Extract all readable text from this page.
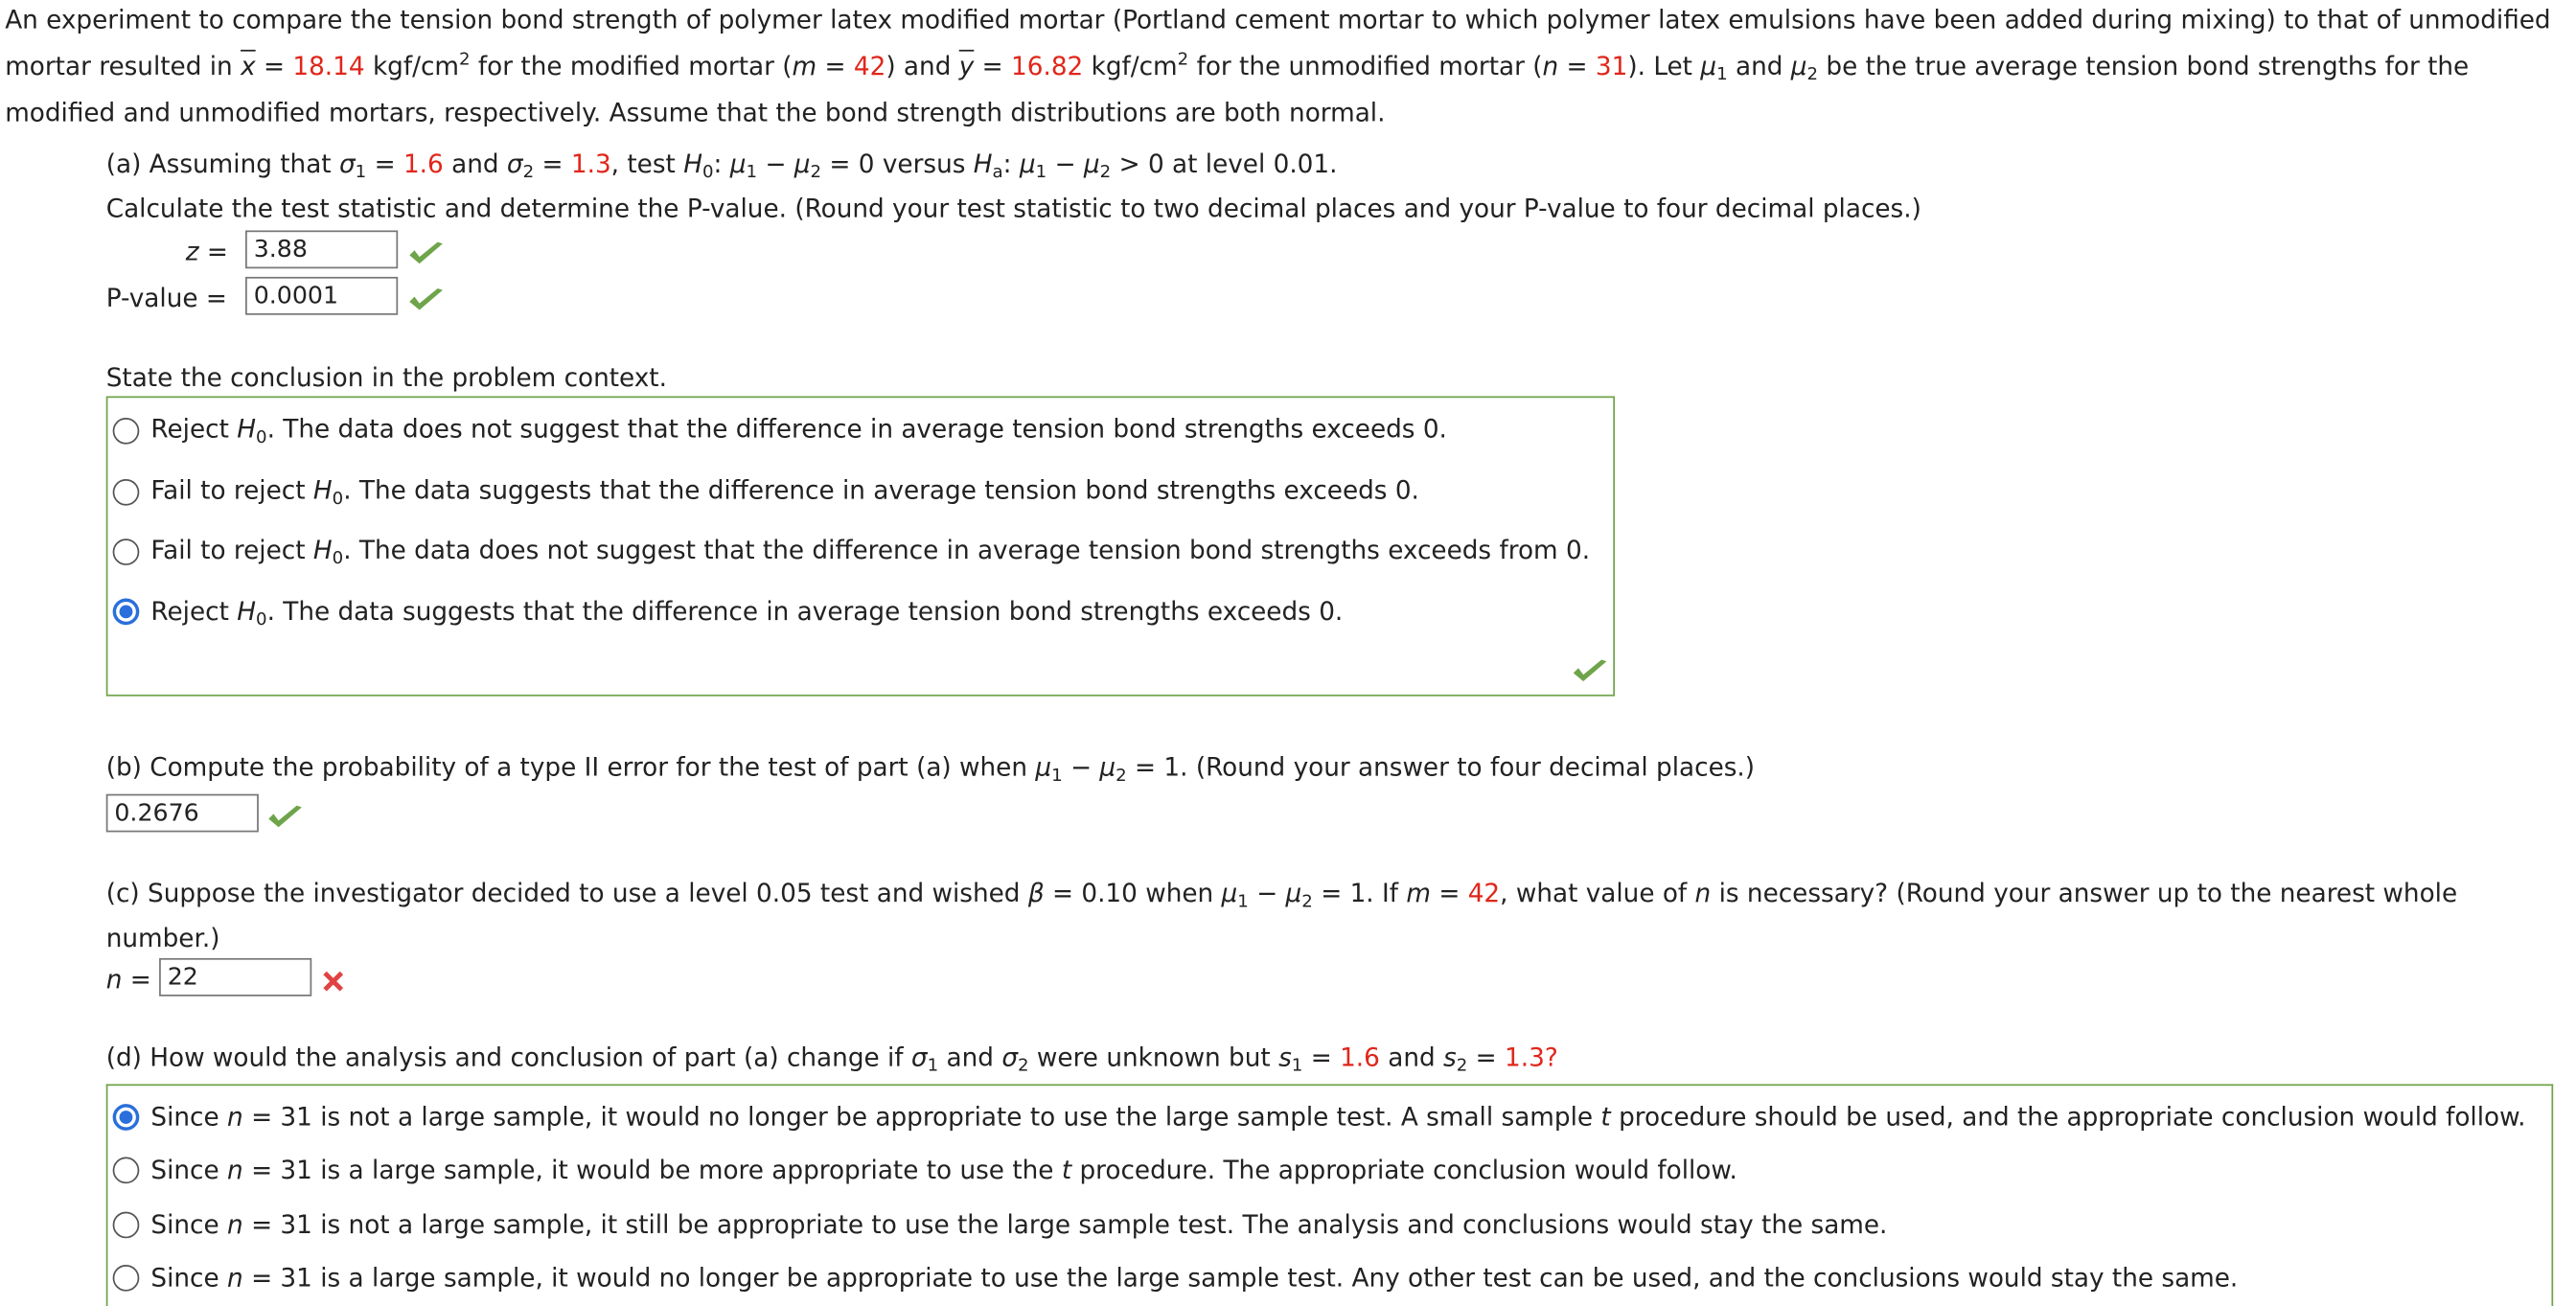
An experiment to compare the tension bond strength of polymer latex modified mortar (Portland cement mortar to which polymer latex emulsions have been added during mixing) to that of unmodified
mortar resulted in $\overline{x} = 18.14$ kgf/$cm^2$ for the modified mortar (m = 42) and $\overline{y} = 16.82$ kgf/$cm^2$ for the unmodified mortar (n = 31). Let $\mu_1$ and $\mu_2$ be the true average tension bond strengths for the
modified and unmodified mortars, respectively. Assume that the bond strength distributions are both normal.
(a) Assuming that $\sigma_1 = 1.6$ and $\sigma_2 = 1.3$, test $H_0$: $\mu_1 - \mu_2 = 0$ versus $H_a$: $\mu_1 - \mu_2 > 0$ at level 0.01.
Calculate the test statistic and determine the P-value. (Round your test statistic to two decimal places and your P-value to four decimal places.)
z =	3.88
P-value =	0.0001
State the conclusion in the problem context.
Reject $H_0$. The data does not suggest that the difference in average tension bond strengths exceeds 0.
Fail to reject $H_0$. The data suggests that the difference in average tension bond strengths exceeds 0.
Fail to reject $H_0$. The data does not suggest that the difference in average tension bond strengths exceeds from 0.
Reject $H_0$. The data suggests that the difference in average tension bond strengths exceeds 0.
(b) Compute the probability of a type II error for the test of part (a) when $\mu_1 - \mu_2 = 1$. (Round your answer to four decimal places.)
0.2676
(c) Suppose the investigator decided to use a level 0.05 test and wished β = 0.10 when $\mu_1 - \mu_2 = 1$. If m = 42, what value of n is necessary? (Round your answer up to the nearest whole
number.)
n =	22
(d) How would the analysis and conclusion of part (a) change if $\sigma_1$ and $\sigma_2$ were unknown but $s_1 = 1.6$ and $s_2 = 1.3$?
Since n = 31 is not a large sample, it would no longer be appropriate to use the large sample test. A small sample t procedure should be used, and the appropriate conclusion would follow.
Since n = 31 is a large sample, it would be more appropriate to use the t procedure. The appropriate conclusion would follow.
Since n = 31 is not a large sample, it still be appropriate to use the large sample test. The analysis and conclusions would stay the same.
Since n = 31 is a large sample, it would no longer be appropriate to use the large sample test. Any other test can be used, and the conclusions would stay the same.
